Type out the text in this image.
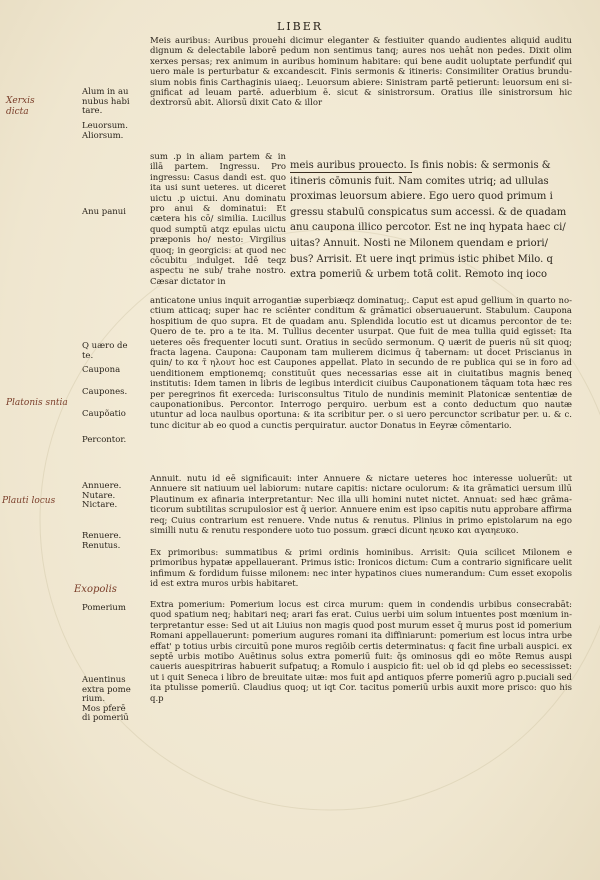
LIBER
Xerxis
dicta
Platonis sntia
Plauti locus
Exopolis
Alum in au
nubus habi
tare.
Leuorsum.
Aliorsum.
Anu panui
Q uæro de
te.
Caupona
Caupones.
Caupõatio
Percontor.
Annuere.
Nutare.
Nictare.
Renuere.
Renutus.
Pomerium
Auentinus
extra pome
rium.
Mos pferē
di pomeriū

Meis auribus: Auribus prouehi dicimur eleganter & festiuiter quando audientes aliquid auditu dignum & delectabile laborē pedum non sentimus tanq; aures nos uehāt non pedes. Dixit olim xerxes persas; rex animum in auribus hominum habitare: qui bene audit uoluptate perfundiť qui uero male is perturbatur & excandescit. Finis sermonis & itineris: Consimiliter Oratius brundusium nobis finis Carthaginis uiaeq;. Leuorsum abiere: Sinistram partē petierunt: leuorsum eni significat ad leuam partē. aduerbium ē. sicut & sinistrorsum. Oratius ille sinistrorsum hic dextrorsū abit. Aliorsū dixit Cato & illor

sum .p in aliam partem & in illā partem. Ingressu. Pro ingressu: Casus dandi est. quo ita usi sunt ueteres. ut diceret uictu .p uictui. Anu dominatu pro anui & dominatui: Et cætera his cō/ similia. Lucillus quod sumptū atqz epulas uictu præponis ho/ nesto: Virgilius quoq; in georgicis: at quod nec cōcubitu indulget. Idē teqz aspectu ne sub/ trahe nostro. Cæsar dictator in

meis auribus prouecto. Is finis nobis: & sermonis &
itineris cōmunis fuit. Nam comites utriq; ad ullulas
proximas leuorsum abiere. Ego uero quod primum i
gressu stabulū conspicatus sum accessi. & de quadam
anu caupona illico percotor. Est ne inq hypata haec ci/
uitas? Annuit. Nosti ne Milonem quendam e priori/
bus? Arrisit. Et uere inqt primus istic phibet Milo. q
extra pomeriū & urbem totā colit. Remoto inq ioco

anticatone unius inquit arrogantiæ superbiæqz dominatuq;. Caput est apud gellium in quarto noctium atticaq; super hac re sciēnter conditum & grāmatici obseruauerunt. Stabulum. Caupona hospitium de quo supra. Et de quadam anu. Splendida locutio est ut dicamus percontor de te: Quero de te. pro a te ita. M. Tullius decenter usurpat. Que fuit de mea tullia quid egisset: Ita ueteres oēs frequenter locuti sunt. Oratius in secūdo sermonum. Q uærit de pueris nū sit quoq; fracta lagena. Caupona: Cauponam tam mulierem dicimus q̄ tabernam: ut docet Priscianus in quin/ to κα τ̄ ηλουτ hoc est Caupones appellat. Plato in secundo de re publica qui se in foro ad uenditionem emptionemq; constituūt ques necessarias esse ait in ciuitatibus magnis beneq institutis: Idem tamen in libris de legibus interdicit ciuibus Cauponationem tāquam tota hæc res per peregrinos fit exerceda: Iurisconsultus Titulo de nundinis meminit Platonicæ sententiæ de cauponationibus. Percontor. Interrogo perquiro. uerbum est a conto deductum quo nautæ utuntur ad loca naulbus oportuna: & ita scribitur per. o si uero percunctor scribatur per. u. & c. tunc dicitur ab eo quod a cunctis perquiratur. auctor Donatus in Eeyræ cōmentario.

Annuit. nutu id eē significauit: inter Annuere & nictare ueteres hoc interesse uoluerūt: ut Annuere sit natiuum uel labiorum: nutare capitis: nictare oculorum: & ita grāmatici uersum illū Plautinum ex afinaria interpretantur: Nec illa ulli homini nutet nictet. Annuat: sed hæc grāmaticorum subtilitas scrupulosior est q̄ uerior. Annuere enim est ipso capitis nutu approbare affirma req; Cuius contrarium est renuere. Vnde nutus & renutus. Plinius in primo epistolarum na ego similli nutu & renutu respondere uoto tuo possum. græci dicunt ηευκο και αγαηευκο.

Ex primoribus: summatibus & primi ordinis hominibus. Arrisit: Quia scilicet Milonem e primoribus hypatæ appellauerant. Primus istic: Ironicos dictum: Cum a contrario significare uelit infimum & fordidum fuisse milonem: nec inter hypatinos ciues numerandum: Cum esset exopolis id est extra muros urbis habitaret.

Extra pomerium: Pomerium locus est circa murum: quem in condendis urbibus consecrabāt: quod spatium neq; habitari neq; arari fas erat. Cuius uerbi uim solum intuentes post mœnium interpretantur esse: Sed ut ait Liuius non magis quod post murum esset q̄ murus post id pomerium Romani appellauerunt: pomerium augures romani ita diffiniarunt: pomerium est locus intra urbe effat' p totius urbis circuitū pone muros regiōib certis determinatus: q facit fine urbali auspici. ex septē urbis motibo Auētinus solus extra pomeriū fuit: q̄s ominosus qdi eo mōte Remus auspi caueris auespitriras habuerit sufpatuq; a Romulo i auspicio fit: uel ob id qd plebs eo secessisset: ut i quit Seneca i libro de breuitate uitæ: mos fuit apd antiquos pferre pomeriū agro p.puciali sed ita ptulisse pomeriū. Claudius quoq; ut iqt Cor. tacitus pomeriū urbis auxit more prisco: quo his q.p
